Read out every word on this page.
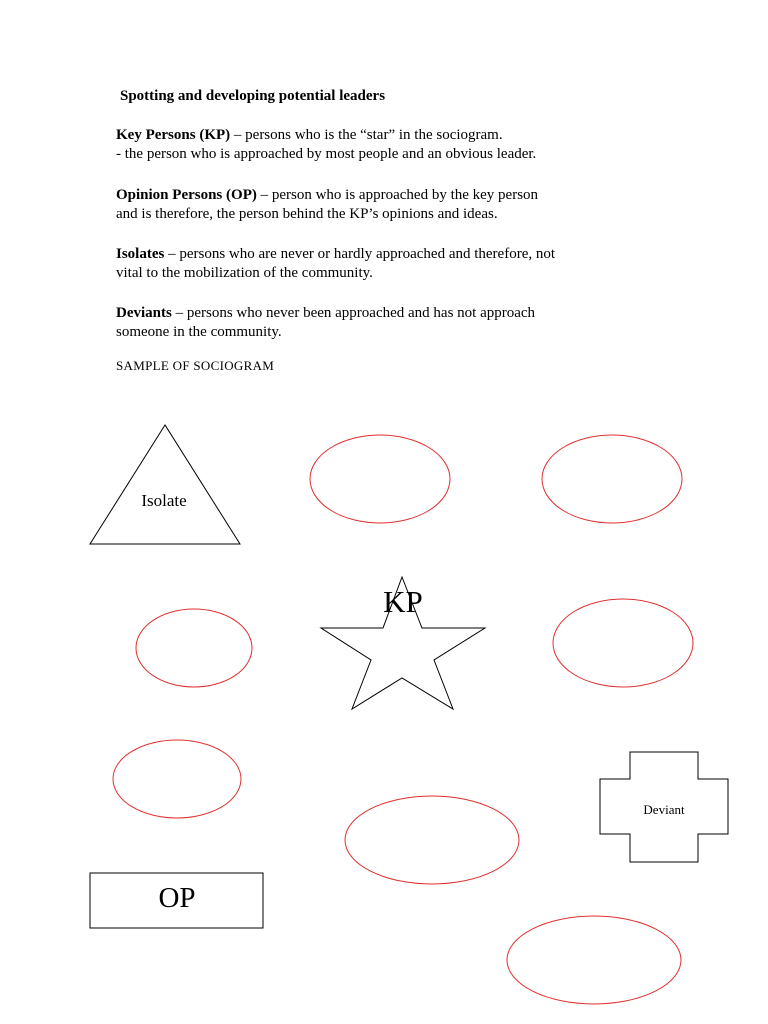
Spotting and developing potential leaders
Key Persons (KP) – persons who is the “star” in the sociogram.
- the person who is approached by most people and an obvious leader.
Opinion Persons (OP) – person who is approached by the key person
and is therefore, the person behind the KP’s opinions and ideas.
Isolates – persons who are never or hardly approached and therefore, not
vital to the mobilization of the community.
Deviants – persons who never been approached and has not approach
someone in the community.
SAMPLE OF SOCIOGRAM
Isolate
KP
Deviant
OP
